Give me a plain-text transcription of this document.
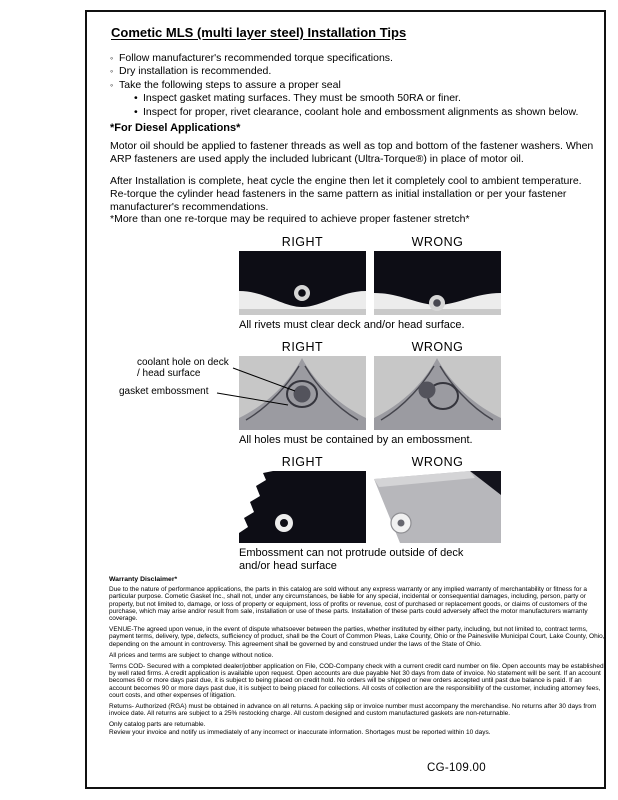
Cometic MLS (multi layer steel) Installation Tips
◦
Follow manufacturer's recommended torque specifications.
◦
Dry installation is recommended.
◦
Take the following steps to assure a proper seal
•
Inspect gasket mating surfaces. They must be smooth 50RA or finer.
•
Inspect for proper, rivet clearance, coolant hole and embossment alignments as shown below.
*For Diesel Applications*

Motor oil should be applied to fastener threads as well as top and bottom of the fastener washers. When ARP fasteners are used apply the included lubricant (Ultra-Torque®) in place of motor oil.

After Installation is complete, heat cycle the engine then let it completely cool to ambient temperature. Re-torque the cylinder head fasteners in the same pattern as initial installation or per your fastener manufacturer's recommendations.

*More than one re-torque may be required to achieve proper fastener stretch*

RIGHT	WRONG
All rivets must clear deck and/or head surface.
RIGHT	WRONG
coolant hole on deck / head surface
gasket embossment
All holes must be contained by an embossment.
RIGHT	WRONG
Embossment can not protrude outside of deck and/or head surface
Warranty Disclaimer*

Due to the nature of performance applications, the parts in this catalog are sold without any express warranty or any implied warranty of merchantability or fitness for a particular purpose. Cometic Gasket Inc., shall not, under any circumstances, be liable for any special, incidental or consequential damages, including, person, party or property, but not limited to, damage, or loss of property or equipment, loss of profits or revenue, cost of purchased or replacement goods, or claims of customers of the purchase, which may arise and/or result from sale, installation or use of these parts. Installation of these parts could adversely affect the motor manufacturers warranty coverage.

VENUE-The agreed upon venue, in the event of dispute whatsoever between the parties, whether instituted by either party, including, but not limited to, contract terms, payment terms, delivery, type, defects, sufficiency of product, shall be the Court of Common Pleas, Lake County, Ohio or the Painesville Municipal Court, Lake County, Ohio, depending on the amount in controversy. This agreement shall be governed by and construed under the laws of the State of Ohio.

All prices and terms are subject to change without notice.

Terms COD- Secured with a completed dealer/jobber application on File, COD-Company check with a current credit card number on file. Open accounts may be established by well rated firms. A credit application is available upon request. Open accounts are due payable Net 30 days from date of invoice. No statement will be sent. If an account becomes 60 or more days past due, it is subject to being placed on credit hold. No orders will be shipped or new orders accepted until past due balance is paid. If an account becomes 90 or more days past due, it is subject to being placed for collections. All costs of collection are the responsibility of the customer, including attorney fees, court costs, and other expenses of litigation.

Returns- Authorized (RGA) must be obtained in advance on all returns. A packing slip or invoice number must accompany the merchandise. No returns after 30 days from invoice date. All returns are subject to a 25% restocking charge. All custom designed and custom manufactured gaskets are non-returnable.

Only catalog parts are returnable.

Review your invoice and notify us immediately of any incorrect or inaccurate information. Shortages must be reported within 10 days.

CG-109.00
